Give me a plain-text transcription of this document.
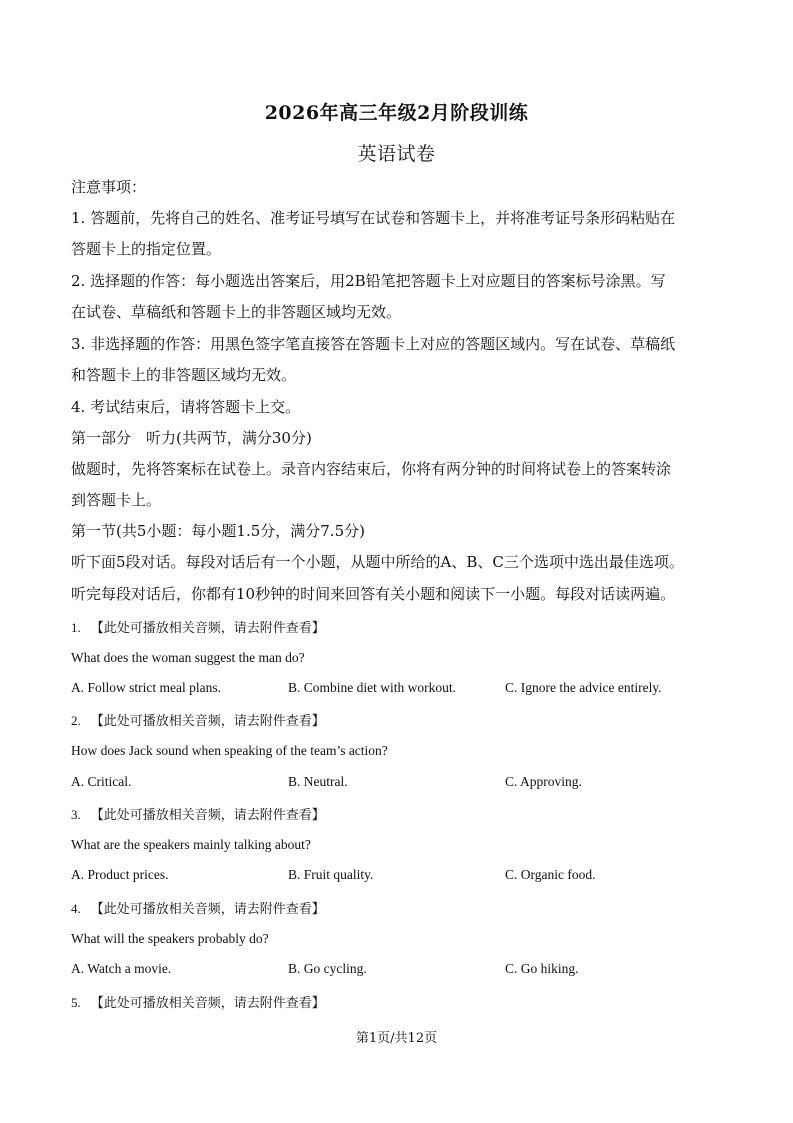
2026年高三年级2月阶段训练
英语试卷
注意事项：
1. 答题前，先将自己的姓名、准考证号填写在试卷和答题卡上，并将准考证号条形码粘贴在
答题卡上的指定位置。
2. 选择题的作答：每小题选出答案后，用2B铅笔把答题卡上对应题目的答案标号涂黑。写
在试卷、草稿纸和答题卡上的非答题区域均无效。
3. 非选择题的作答：用黑色签字笔直接答在答题卡上对应的答题区域内。写在试卷、草稿纸
和答题卡上的非答题区域均无效。
4. 考试结束后，请将答题卡上交。
第一部分　听力(共两节，满分30分)
做题时，先将答案标在试卷上。录音内容结束后，你将有两分钟的时间将试卷上的答案转涂
到答题卡上。
第一节(共5小题：每小题1.5分，满分7.5分)
听下面5段对话。每段对话后有一个小题，从题中所给的A、B、C三个选项中选出最佳选项。
听完每段对话后，你都有10秒钟的时间来回答有关小题和阅读下一小题。每段对话读两遍。
1. 【此处可播放相关音频，请去附件查看】
What does the woman suggest the man do?
A. Follow strict meal plans.	B. Combine diet with workout.	C. Ignore the advice entirely.
2. 【此处可播放相关音频，请去附件查看】
How does Jack sound when speaking of the team’s action?
A. Critical.	B. Neutral.	C. Approving.
3. 【此处可播放相关音频，请去附件查看】
What are the speakers mainly talking about?
A. Product prices.	B. Fruit quality.	C. Organic food.
4. 【此处可播放相关音频，请去附件查看】
What will the speakers probably do?
A. Watch a movie.	B. Go cycling.	C. Go hiking.
5. 【此处可播放相关音频，请去附件查看】
第1页/共12页
